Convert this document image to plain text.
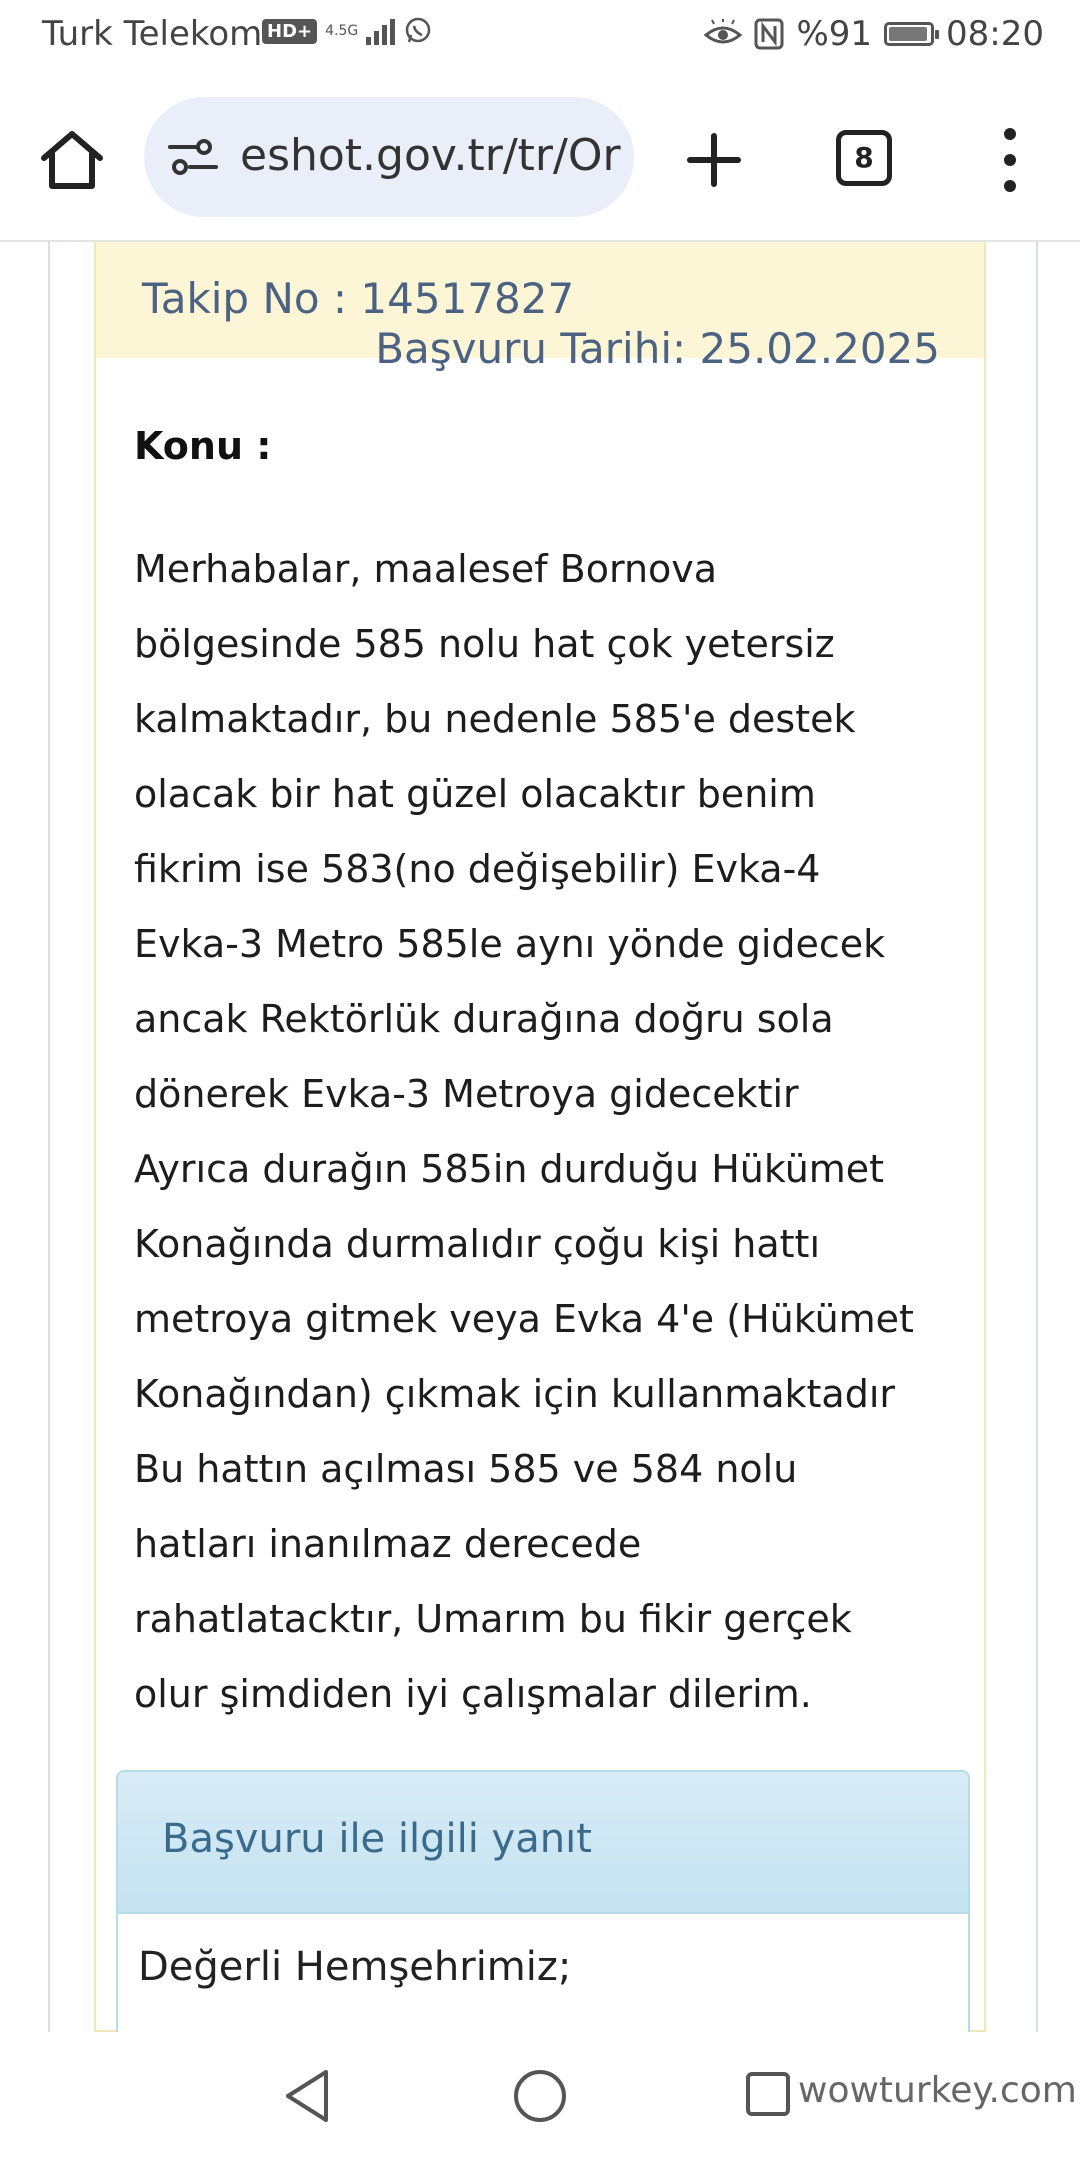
Turk Telekom HD+ 4.5G	%91 08:20
eshot.gov.tr/tr/Or	8
Takip No : 14517827
Başvuru Tarihi: 25.02.2025
Konu :
Merhabalar, maalesef Bornova
bölgesinde 585 nolu hat çok yetersiz
kalmaktadır, bu nedenle 585'e destek
olacak bir hat güzel olacaktır benim
fikrim ise 583(no değişebilir) Evka-4
Evka-3 Metro 585le aynı yönde gidecek
ancak Rektörlük durağına doğru sola
dönerek Evka-3 Metroya gidecektir
Ayrıca durağın 585in durduğu Hükümet
Konağında durmalıdır çoğu kişi hattı
metroya gitmek veya Evka 4'e (Hükümet
Konağından) çıkmak için kullanmaktadır
Bu hattın açılması 585 ve 584 nolu
hatları inanılmaz derecede
rahatlatacktır, Umarım bu fikir gerçek
olur şimdiden iyi çalışmalar dilerim.
Başvuru ile ilgili yanıt
Değerli Hemşehrimiz;
wowturkey.com
